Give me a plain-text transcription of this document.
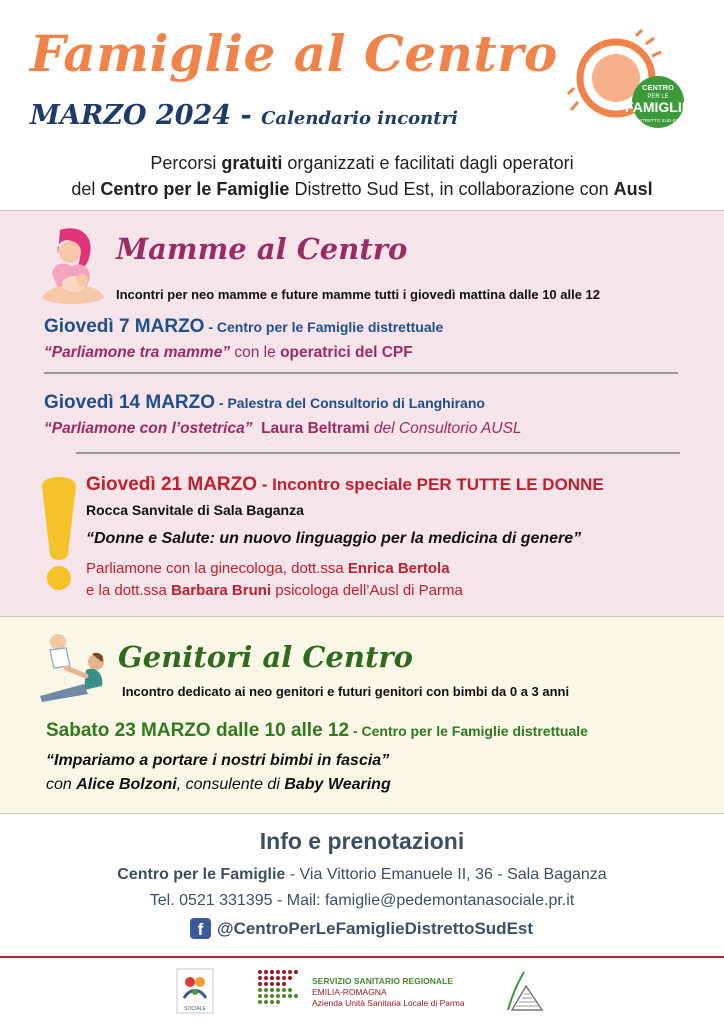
Famiglie al Centro
MARZO 2024 - Calendario incontri
CENTRO
PER LE
FAMIGLIE
DISTRETTO SUD-EST
Percorsi gratuiti organizzati e facilitati dagli operatori
del Centro per le Famiglie Distretto Sud Est, in collaborazione con Ausl
Mamme al Centro
Incontri per neo mamme e future mamme tutti i giovedì mattina dalle 10 alle 12
Giovedì 7 MARZO - Centro per le Famiglie distrettuale
“Parliamone tra mamme” con le operatrici del CPF
Giovedì 14 MARZO - Palestra del Consultorio di Langhirano
“Parliamone con l’ostetrica”  Laura Beltrami del Consultorio AUSL
Giovedì 21 MARZO - Incontro speciale PER TUTTE LE DONNE
Rocca Sanvitale di Sala Baganza
“Donne e Salute: un nuovo linguaggio per la medicina di genere”
Parliamone con la ginecologa, dott.ssa Enrica Bertola
e la dott.ssa Barbara Bruni psicologa dell’Ausl di Parma
Genitori al Centro
Incontro dedicato ai neo genitori e futuri genitori con bimbi da 0 a 3 anni
Sabato 23 MARZO dalle 10 alle 12 - Centro per le Famiglie distrettuale
“Impariamo a portare i nostri bimbi in fascia”
con Alice Bolzoni, consulente di Baby Wearing
Info e prenotazioni
Centro per le Famiglie - Via Vittorio Emanuele II, 36 - Sala Baganza
Tel. 0521 331395 - Mail: famiglie@pedemontanasociale.pr.it
f @CentroPerLeFamiglieDistrettoSudEst
SOCIALE
SERVIZIO SANITARIO REGIONALE
EMILIA-ROMAGNA
Azienda Unità Sanitaria Locale di Parma
